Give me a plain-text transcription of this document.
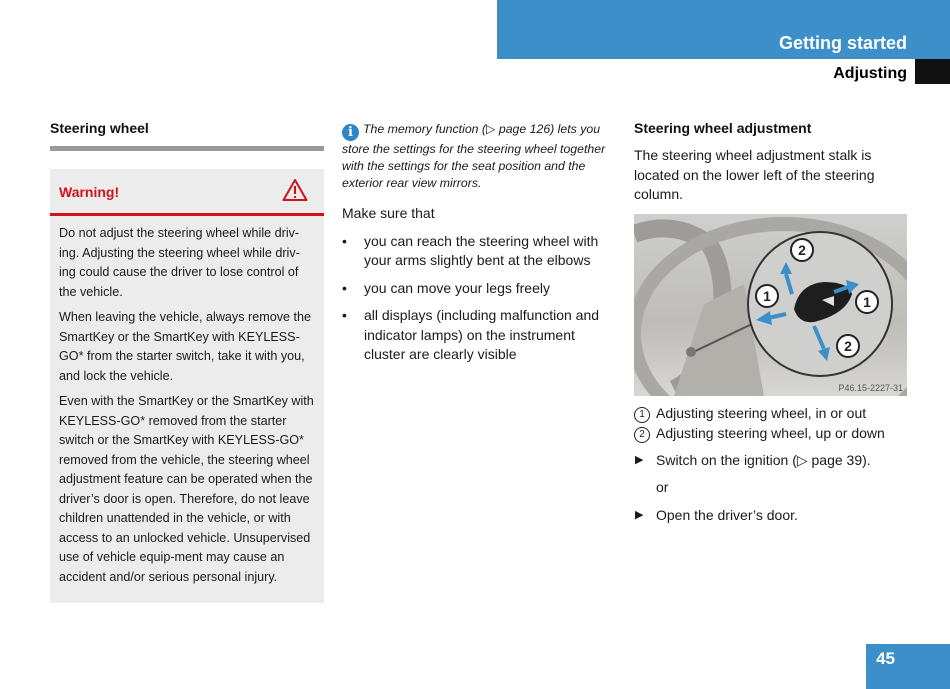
Getting started
Adjusting
Steering wheel
Warning!

Do not adjust the steering wheel while driv-ing. Adjusting the steering wheel while driv-ing could cause the driver to lose control of the vehicle.

When leaving the vehicle, always remove the SmartKey or the SmartKey with KEYLESS-GO* from the starter switch, take it with you, and lock the vehicle.

Even with the SmartKey or the SmartKey with KEYLESS-GO* removed from the starter switch or the SmartKey with KEYLESS-GO* removed from the vehicle, the steering wheel adjustment feature can be operated when the driver’s door is open. Therefore, do not leave children unattended in the vehicle, or with access to an unlocked vehicle. Unsupervised use of vehicle equip-ment may cause an accident and/or serious personal injury.

i The memory function (▷ page 126) lets you store the settings for the steering wheel together with the settings for the seat position and the exterior rear view mirrors.

Make sure that
• you can reach the steering wheel with your arms slightly bent at the elbows
• you can move your legs freely
• all displays (including malfunction and indicator lamps) on the instrument cluster are clearly visible
Steering wheel adjustment
The steering wheel adjustment stalk is located on the lower left of the steering column.
2
1	1
2
P46.15-2227-31
1 Adjusting steering wheel, in or out
2 Adjusting steering wheel, up or down
▶ Switch on the ignition (▷ page 39).
or
▶ Open the driver’s door.
45
